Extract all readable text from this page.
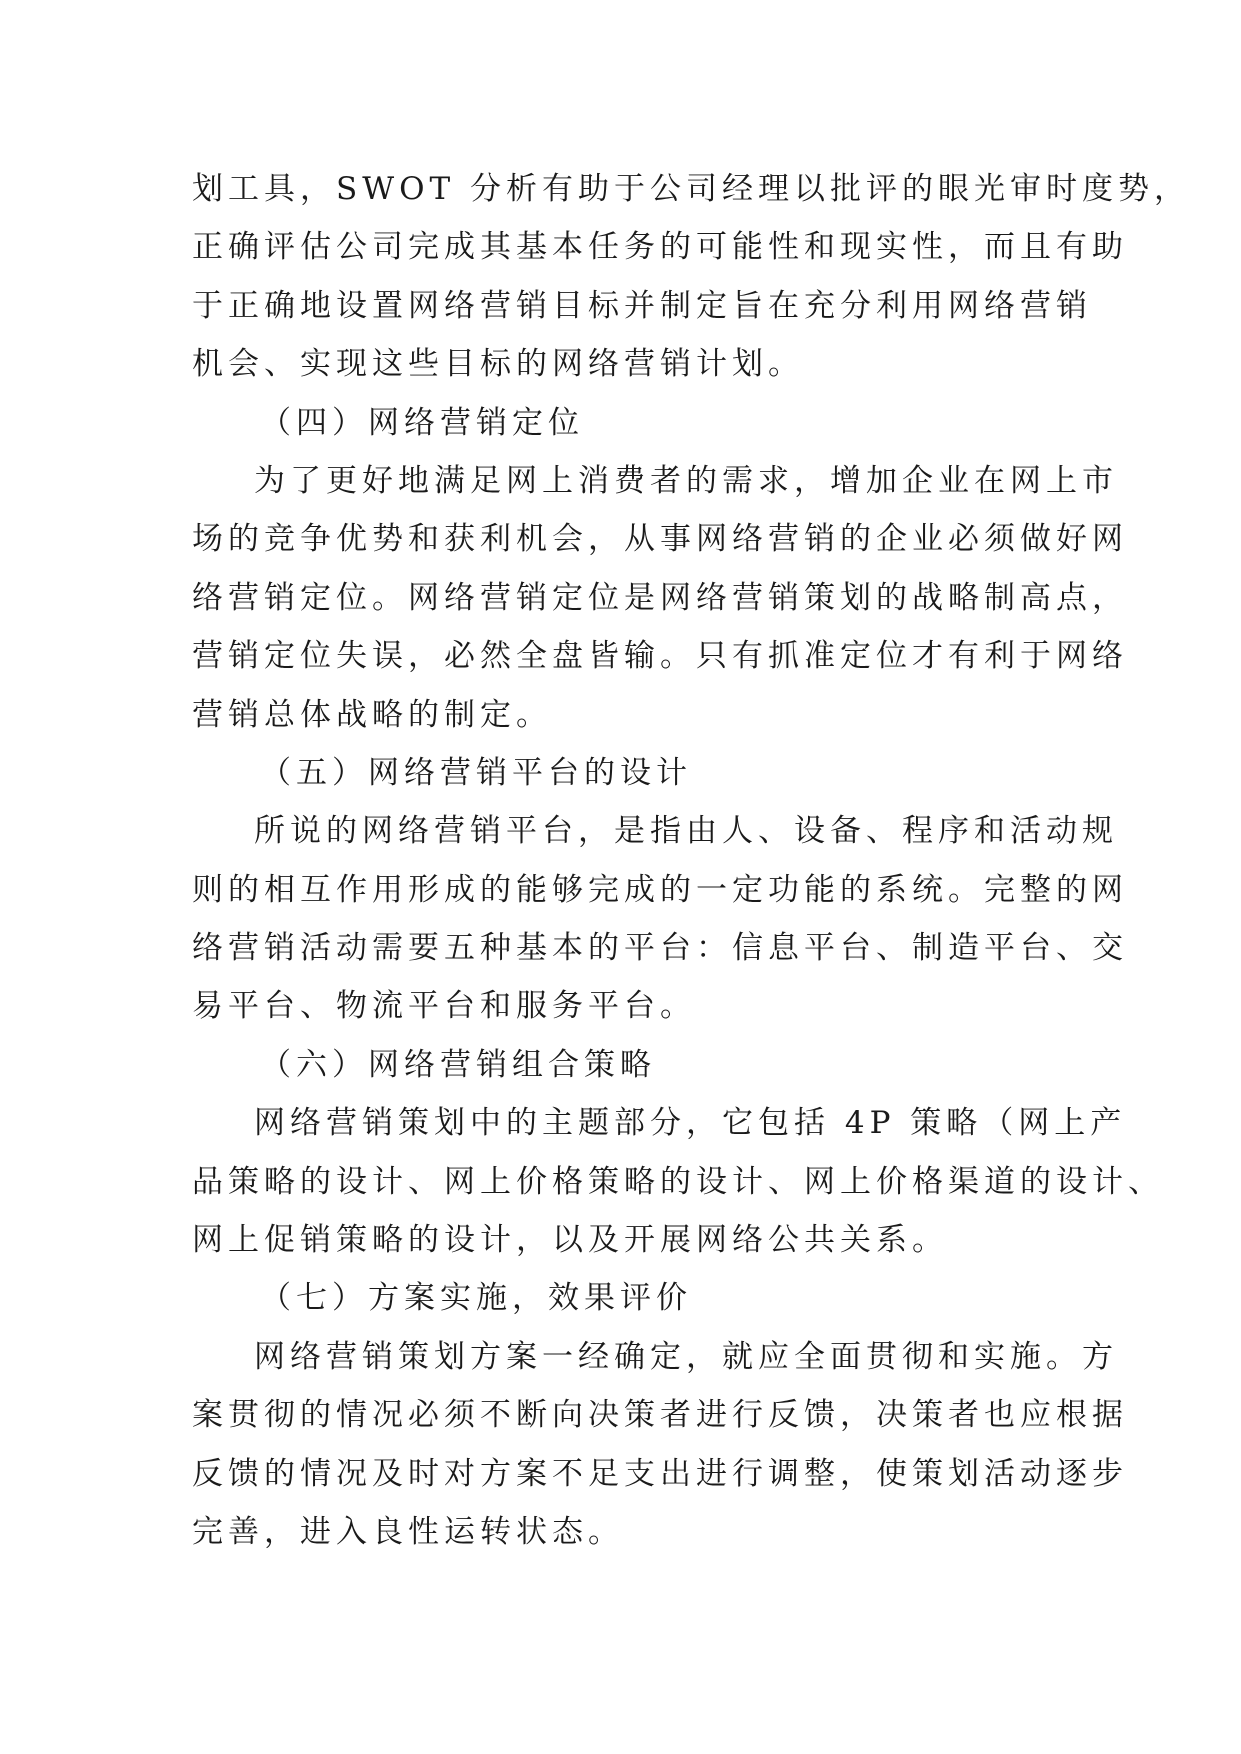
划工具，SWOT 分析有助于公司经理以批评的眼光审时度势，
正确评估公司完成其基本任务的可能性和现实性，而且有助
于正确地设置网络营销目标并制定旨在充分利用网络营销
机会、实现这些目标的网络营销计划。
（四）网络营销定位
为了更好地满足网上消费者的需求，增加企业在网上市
场的竞争优势和获利机会，从事网络营销的企业必须做好网
络营销定位。网络营销定位是网络营销策划的战略制高点，
营销定位失误，必然全盘皆输。只有抓准定位才有利于网络
营销总体战略的制定。
（五）网络营销平台的设计
所说的网络营销平台，是指由人、设备、程序和活动规
则的相互作用形成的能够完成的一定功能的系统。完整的网
络营销活动需要五种基本的平台：信息平台、制造平台、交
易平台、物流平台和服务平台。
（六）网络营销组合策略
网络营销策划中的主题部分，它包括 4P 策略（网上产
品策略的设计、网上价格策略的设计、网上价格渠道的设计、
网上促销策略的设计，以及开展网络公共关系。
（七）方案实施，效果评价
网络营销策划方案一经确定，就应全面贯彻和实施。方
案贯彻的情况必须不断向决策者进行反馈，决策者也应根据
反馈的情况及时对方案不足支出进行调整，使策划活动逐步
完善，进入良性运转状态。
